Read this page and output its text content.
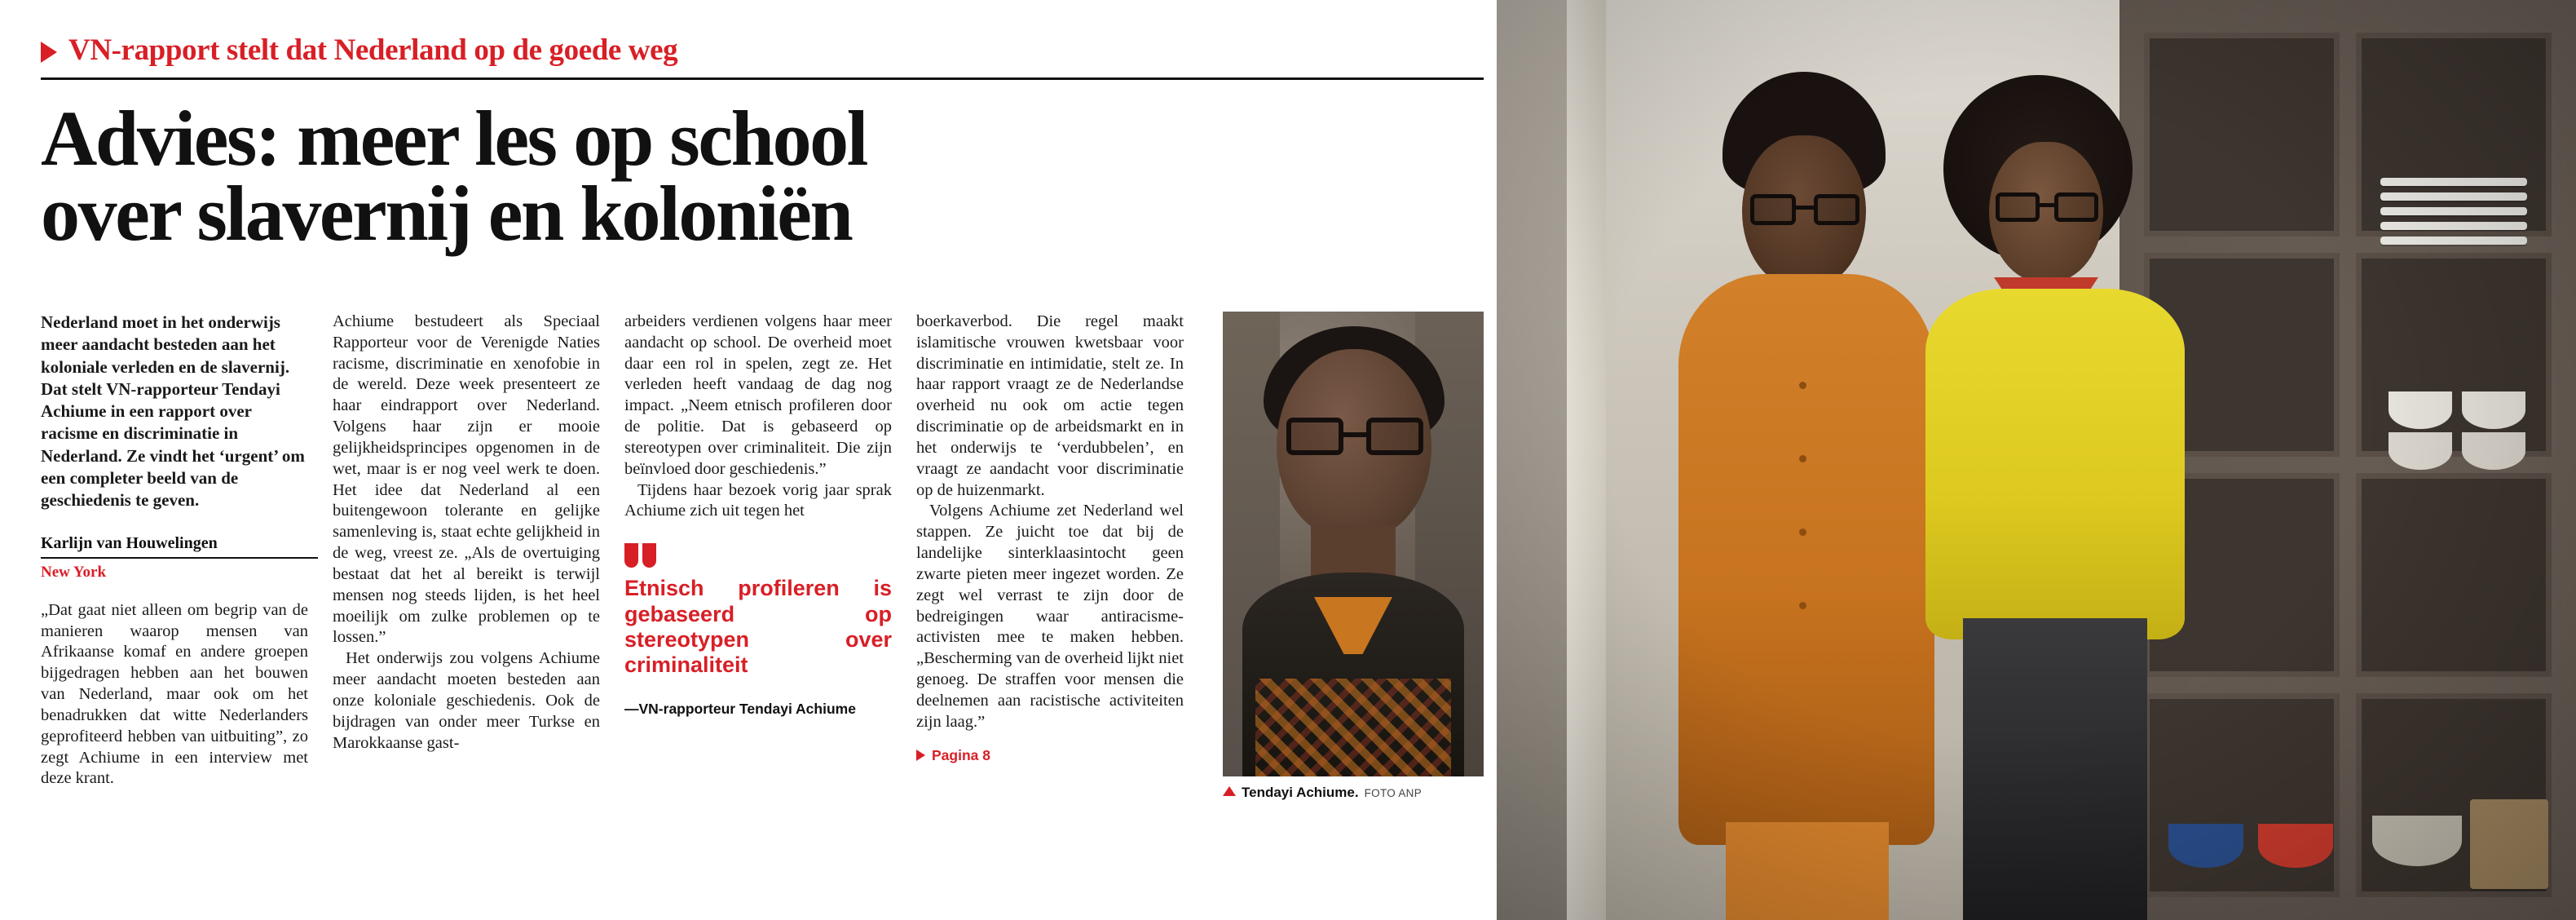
VN-rapport stelt dat Nederland op de goede weg
Advies: meer les op school
over slavernij en koloniën

Nederland moet in het onderwijs meer aandacht besteden aan het koloniale verleden en de slavernij. Dat stelt VN-rapporteur Tendayi Achiume in een rapport over racisme en discriminatie in Nederland. Ze vindt het ‘urgent’ om een completer beeld van de geschiedenis te geven.

Karlijn van Houwelingen
New York

„Dat gaat niet alleen om begrip van de manieren waarop mensen van Afrikaanse komaf en andere groepen bijgedragen hebben aan het bouwen van Nederland, maar ook om het benadrukken dat witte Nederlanders geprofiteerd hebben van uitbuiting”, zo zegt Achiume in een interview met deze krant.

Achiume bestudeert als Speciaal Rapporteur voor de Verenigde Naties racisme, discriminatie en xenofobie in de wereld. Deze week presenteert ze haar eindrapport over Nederland. Volgens haar zijn er mooie gelijkheidsprincipes opgenomen in de wet, maar is er nog veel werk te doen. Het idee dat Nederland al een buitengewoon tolerante en gelijke samenleving is, staat echte gelijkheid in de weg, vreest ze. „Als de overtuiging bestaat dat het al bereikt is terwijl mensen nog steeds lijden, is het heel moeilijk om zulke problemen op te lossen.”

Het onderwijs zou volgens Achiume meer aandacht moeten besteden aan onze koloniale geschiedenis. Ook de bijdragen van onder meer Turkse en Marokkaanse gast-

arbeiders verdienen volgens haar meer aandacht op school. De overheid moet daar een rol in spelen, zegt ze. Het verleden heeft vandaag de dag nog impact. „Neem etnisch profileren door de politie. Dat is gebaseerd op stereotypen over criminaliteit. Die zijn beïnvloed door geschiedenis.”

Tijdens haar bezoek vorig jaar sprak Achiume zich uit tegen het

Etnisch profileren is gebaseerd op stereotypen over criminaliteit
—VN-rapporteur Tendayi Achiume

boerkaverbod. Die regel maakt islamitische vrouwen kwetsbaar voor discriminatie en intimidatie, stelt ze. In haar rapport vraagt ze de Nederlandse overheid nu ook om actie tegen discriminatie op de arbeidsmarkt en in het onderwijs te ‘verdubbelen’, en vraagt ze aandacht voor discriminatie op de huizenmarkt.

Volgens Achiume zet Nederland wel stappen. Ze juicht toe dat bij de landelijke sinterklaasintocht geen zwarte pieten meer ingezet worden. Ze zegt wel verrast te zijn door de bedreigingen waar antiracisme-activisten mee te maken hebben. „Bescherming van de overheid lijkt niet genoeg. De straffen voor mensen die deelnemen aan racistische activiteiten zijn laag.”

Pagina 8
Tendayi Achiume. FOTO ANP
